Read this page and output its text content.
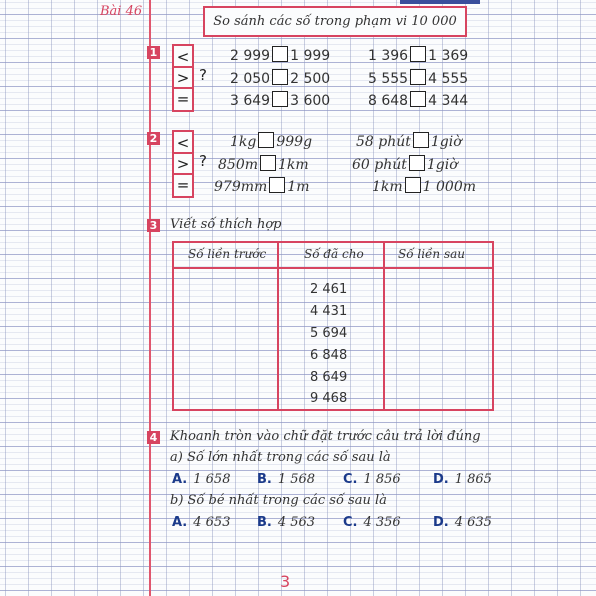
Bài 46
So sánh các số trong phạm vi 10 000
1 <
>
=
?
2 999 1 999
2 050 2 500
3 649 3 600
1 396 1 369
5 555 4 555
8 648 4 344
2 <
>
=
?
1kg 999g
850m 1km
979mm 1m
58 phút 1giờ
60 phút 1giờ
1km 1 000m
3 Viết số thích hợp
Số liền trước	Số đã cho	Số liền sau
2 461
4 431
5 694
6 848
8 649
9 468
4 Khoanh tròn vào chữ đặt trước câu trả lời đúng
a) Số lớn nhất trong các số sau là
A. 1 658 B. 1 568 C. 1 856 D. 1 865
b) Số bé nhất trong các số sau là
A. 4 653 B. 4 563 C. 4 356 D. 4 635
3
